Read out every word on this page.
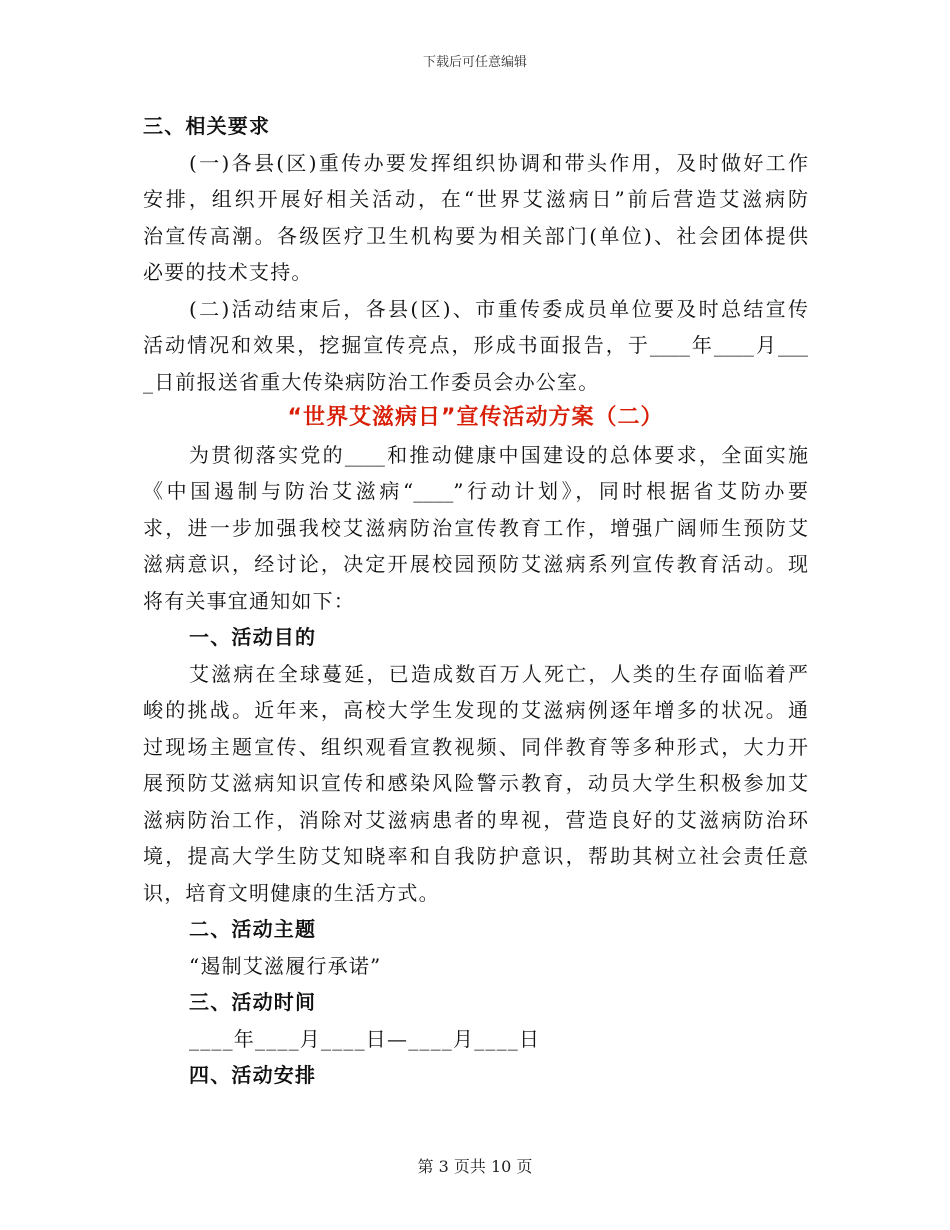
下载后可任意编辑
三、相关要求
(一)各县(区)重传办要发挥组织协调和带头作用，及时做好工作
安排，组织开展好相关活动，在“世界艾滋病日”前后营造艾滋病防
治宣传高潮。各级医疗卫生机构要为相关部门(单位)、社会团体提供
必要的技术支持。
(二)活动结束后，各县(区)、市重传委成员单位要及时总结宣传
活动情况和效果，挖掘宣传亮点，形成书面报告，于____年____月___
_日前报送省重大传染病防治工作委员会办公室。
“世界艾滋病日”宣传活动方案（二）
为贯彻落实党的____和推动健康中国建设的总体要求，全面实施
《中国遏制与防治艾滋病“____”行动计划》，同时根据省艾防办要
求，进一步加强我校艾滋病防治宣传教育工作，增强广阔师生预防艾
滋病意识，经讨论，决定开展校园预防艾滋病系列宣传教育活动。现
将有关事宜通知如下：
一、活动目的
艾滋病在全球蔓延，已造成数百万人死亡，人类的生存面临着严
峻的挑战。近年来，高校大学生发现的艾滋病例逐年增多的状况。通
过现场主题宣传、组织观看宣教视频、同伴教育等多种形式，大力开
展预防艾滋病知识宣传和感染风险警示教育，动员大学生积极参加艾
滋病防治工作，消除对艾滋病患者的卑视，营造良好的艾滋病防治环
境，提高大学生防艾知晓率和自我防护意识，帮助其树立社会责任意
识，培育文明健康的生活方式。
二、活动主题
“遏制艾滋履行承诺”
三、活动时间
____年____月____日—____月____日
四、活动安排
第 3 页共 10 页
